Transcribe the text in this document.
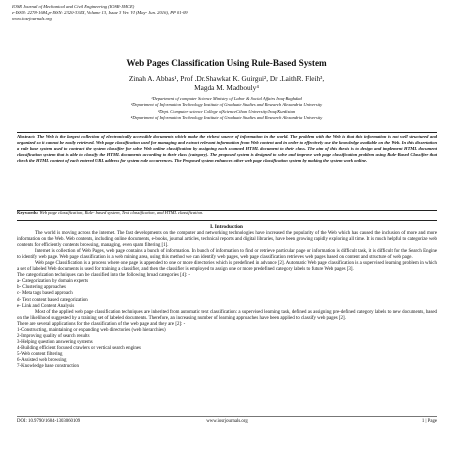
IOSR Journal of Mechanical and Civil Engineering (IOSR-JMCE)
e-ISSN: 2278-1684,p-ISSN: 2320-334X, Volume 13, Issue 3 Ver. VI (May- Jun. 2016), PP 01-09
www.iosrjournals.org
Web Pages Classification Using Rule-Based System
Zinah A. Abbas¹, Prof .Dr.Shawkat K. Guirgui², Dr .LaithR. Fleih³,
Magda M. Madbouly⁴
¹Department of computer Science Ministry of Labor & Social Affairs Iraq-Baghdad
²Department of Information Technology Institute of Graduate Studies and Research Alexandria University
³Dept. Computer science College ofScienceCihan University/Iraq/Kurdistan
⁴Department of Information Technology Institute of Graduate Studies and Research Alexandria University
Abstract: The Web is the largest collection of electronically accessible documents which make the richest source of information in the world. The problem with the Web is that this information is not well structured and organized so it cannot be easily retrieved. Web page classification used for managing and extract relevant information from Web content and in order to effectively use the knowledge available on the Web. In this dissertation a rule base system used to contract the system classifier for solve Web online classification by assigning each scanned HTML document to their class. The aim of this thesis is to design and implement HTML document classification system that is able to classify the HTML documents according to their class (category). The proposed system is designed to solve and improve web page classification problem using Rule-Based Classifier that check the HTML content of each entered URL address for system rule occurrences. The Proposed system enhances other web page classification system by making the system work online.
Keywords: Web page classification, Rule- based system, Text classification, and HTML classification.
I. Introduction

The world is moving across the internet. The fast developments on the computer and networking technologies have increased the popularity of the Web which has caused the inclusion of more and more information on the Web. Web contents, including online documents, e-books, journal articles, technical reports and digital libraries, have been growing rapidly exploring all time. It is much helpful to categorize web contents for efficiently contents browsing, managing, even spam filtering [1].

Internet is collection of Web Pages, web page contains a bunch of information. In bunch of information to find or retrieve particular page or information is difficult task, it is difficult for the Search Engine to identify web page. Web page classification is a web mining area, using this method we can identify web pages, web page classification retrieves web pages based on content and structure of web page.

Web page Classification is a process where one page is appended to one or more directories which is predefined in advance [2]. Automatic Web page classification is a supervised learning problem in which a set of labeled Web documents is used for training a classifier, and then the classifier is employed to assign one or more predefined category labels to future Web pages [3].

The categorization techniques can be classified into the following broad categories [4]: -

a- Categorization by domain experts

b- Clustering approaches

c- Meta tags based approach

d- Text content based categorization

e- Link and Content Analysis

Most of the applied web page classification techniques are inherited from automatic text classification: a supervised learning task, defined as assigning pre-defined category labels to new documents, based on the likelihood suggested by a training set of labeled documents. Therefore, an increasing number of learning approaches have been applied to classify web pages [2].

There are several applications for the classification of the web page and they are [2]: -

1-Constructing, maintaining or expanding web directories (web hierarchies)

2-Improving quality of search results

3-Helping question answering systems

4-Building efficient focused crawlers or vertical search engines

5-Web content filtering

6-Assisted web browsing

7-Knowledge base construction

DOI: 10.9790/1684-1303060109	www.iosrjournals.org	1 | Page
